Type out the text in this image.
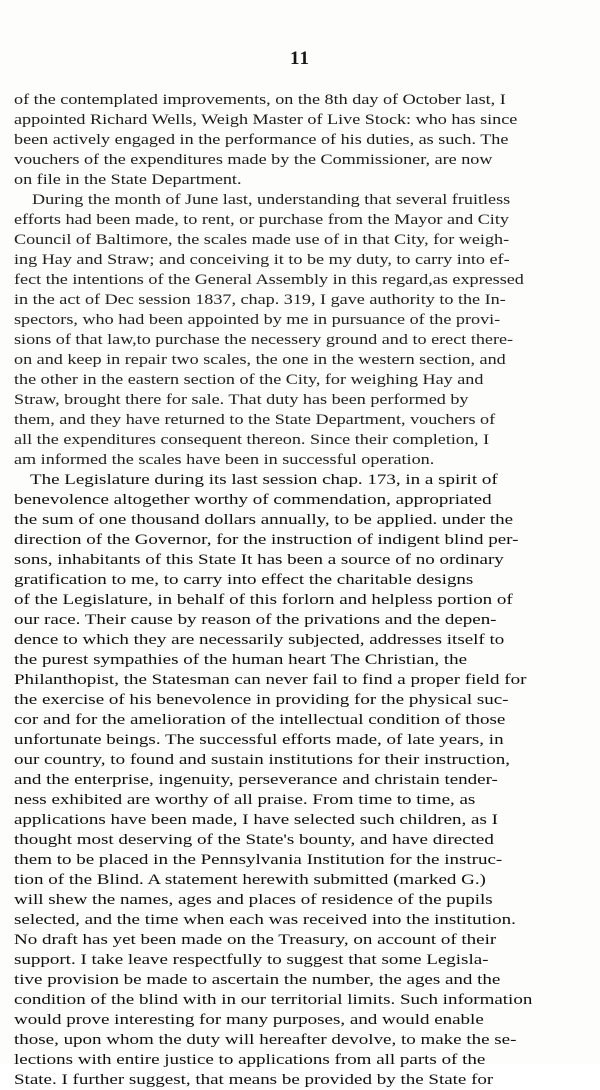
11
of the contemplated improvements, on the 8th day of October last, I
appointed Richard Wells, Weigh Master of Live Stock: who has since
been actively engaged in the performance of his duties, as such. The
vouchers of the expenditures made by the Commissioner, are now
on file in the State Department.
During the month of June last, understanding that several fruitless
efforts had been made, to rent, or purchase from the Mayor and City
Council of Baltimore, the scales made use of in that City, for weigh-
ing Hay and Straw; and conceiving it to be my duty, to carry into ef-
fect the intentions of the General Assembly in this regard,as expressed
in the act of Dec session 1837, chap. 319, I gave authority to the In-
spectors, who had been appointed by me in pursuance of the provi-
sions of that law,to purchase the necessery ground and to erect there-
on and keep in repair two scales, the one in the western section, and
the other in the eastern section of the City, for weighing Hay and
Straw, brought there for sale. That duty has been performed by
them, and they have returned to the State Department, vouchers of
all the expenditures consequent thereon. Since their completion, I
am informed the scales have been in successful operation.
The Legislature during its last session chap. 173, in a spirit of
benevolence altogether worthy of commendation, appropriated
the sum of one thousand dollars annually, to be applied. under the
direction of the Governor, for the instruction of indigent blind per-
sons, inhabitants of this State It has been a source of no ordinary
gratification to me, to carry into effect the charitable designs
of the Legislature, in behalf of this forlorn and helpless portion of
our race. Their cause by reason of the privations and the depen-
dence to which they are necessarily subjected, addresses itself to
the purest sympathies of the human heart The Christian, the
Philanthopist, the Statesman can never fail to find a proper field for
the exercise of his benevolence in providing for the physical suc-
cor and for the amelioration of the intellectual condition of those
unfortunate beings. The successful efforts made, of late years, in
our country, to found and sustain institutions for their instruction,
and the enterprise, ingenuity, perseverance and christain tender-
ness exhibited are worthy of all praise. From time to time, as
applications have been made, I have selected such children, as I
thought most deserving of the State's bounty, and have directed
them to be placed in the Pennsylvania Institution for the instruc-
tion of the Blind. A statement herewith submitted (marked G.)
will shew the names, ages and places of residence of the pupils
selected, and the time when each was received into the institution.
No draft has yet been made on the Treasury, on account of their
support. I take leave respectfully to suggest that some Legisla-
tive provision be made to ascertain the number, the ages and the
condition of the blind with in our territorial limits. Such information
would prove interesting for many purposes, and would enable
those, upon whom the duty will hereafter devolve, to make the se-
lections with entire justice to applications from all parts of the
State. I further suggest, that means be provided by the State for
